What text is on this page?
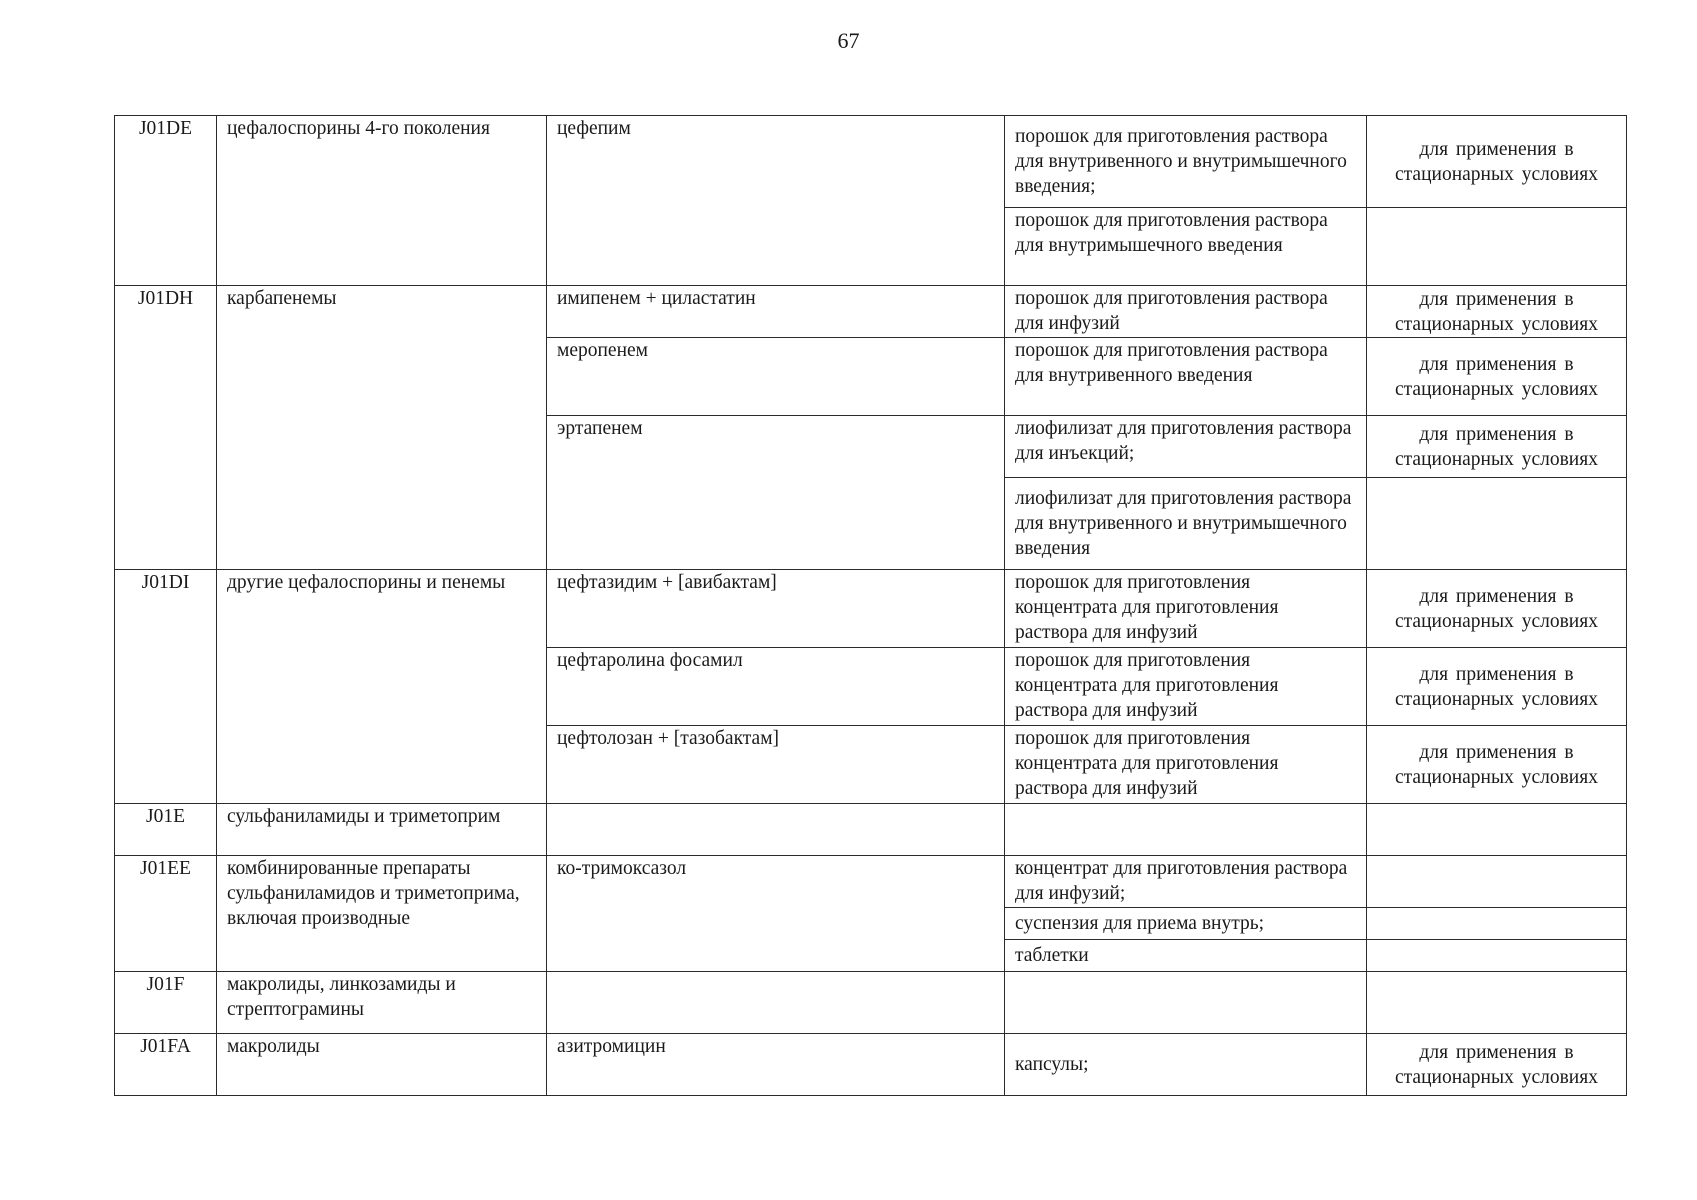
67
J01DE	цефалоспорины 4-го поколения	цефепим	порошок для приготовления раствора для внутривенного и внутримышечного введения;	для применения в стационарных условиях
			порошок для приготовления раствора для внутримышечного введения	
J01DH	карбапенемы	имипенем + циластатин	порошок для приготовления раствора для инфузий	для применения в стационарных условиях
		меропенем	порошок для приготовления раствора для внутривенного введения	для применения в стационарных условиях
		эртапенем	лиофилизат для приготовления раствора для инъекций;	для применения в стационарных условиях
			лиофилизат для приготовления раствора для внутривенного и внутримышечного введения	
J01DI	другие цефалоспорины и пенемы	цефтазидим + [авибактам]	порошок для приготовления концентрата для приготовления раствора для инфузий	для применения в стационарных условиях
		цефтаролина фосамил	порошок для приготовления концентрата для приготовления раствора для инфузий	для применения в стационарных условиях
		цефтолозан + [тазобактам]	порошок для приготовления концентрата для приготовления раствора для инфузий	для применения в стационарных условиях
J01E	сульфаниламиды и триметоприм			
J01EE	комбинированные препараты сульфаниламидов и триметоприма, включая производные	ко-тримоксазол	концентрат для приготовления раствора для инфузий;	
			суспензия для приема внутрь;	
			таблетки	
J01F	макролиды, линкозамиды и стрептограмины			
J01FA	макролиды	азитромицин	капсулы;	для применения в стационарных условиях
